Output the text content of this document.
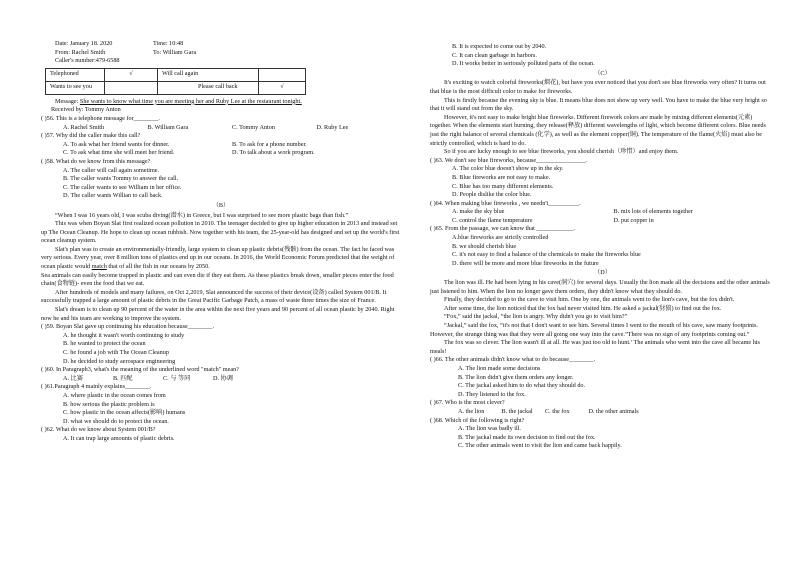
Date: January 18. 2020	Time: 10:48
From: Rachel Smith	To: William Gara
Caller's number:479-6588
Telephoned	√	Will call again	
Wants to see you		Please call back	√
Message: She wants to know what time you are meeting her and Ruby Lee at the restaurant tonight.
Received by: Tommy Anton
( )56. This is a telephone message for________.
A. Rachel Smith	B. William Gara	C. Tommy Anton	D. Ruby Lee
( )57. Why did the caller make this call?
A. To ask what her friend wants for dinner.	B. To ask for a phone number.
C. To ask what time she will meet her friend.	D. To talk about a work program.
( )58. What do we know from this message?
A. The caller will call again sometime.
B. The caller wants Tommy to answer the call.
C. The caller wants to see William in her office.
D. The caller wants Willian to call back.
（B）

“When I was 16 years old, I was scuba diving(潜水) in Greece, but I was surprised to see more plastic bags than fish.”

This was when Boyan Slat first realized ocean pollution in 2010. The teenager decided to give up higher education in 2013 and instead set up The Ocean Cleanup. He hope to clean up ocean rubbish. Now together with his team, the 25-year-old has designed and set up the world's first ocean cleanup system.

Slat's plan was to create an environmentally-friendly, large system to clean up plastic debris(残骸) from the ocean. The fact he faced was very serious. Every year, over 8 million tons of plastics end up in our oceans. In 2016, the World Economic Forum predicted that the weight of ocean plastic would match that of all the fish in our oceans by 2050.

Sea animals can easily become trapped in plastic and can even die if they eat them. As these plastics break down, smaller pieces enter the food chain(食物链)- even the food that we eat.

After hundreds of models and many failures, on Oct 2,2019, Slat announced the success of their device(设备) called System 001/B. It successfully trapped a large amount of plastic debris in the Great Pacific Garbage Patch, a mass of waste three times the size of France.

Slat's dream is to clean up 90 percent of the water in the area within the next five years and 90 percent of all ocean plastic by 2040. Right now he and his team are working to improve the system.

( )59. Boyan Slat gave up continuing his education because________.
A. he thought it wasn't worth continuing to study
B. he wanted to protect the ocean
C. he found a job with The Ocean Cleanup
D. he decided to study aerospace engineering
( )60. In Paragraph3, what's the meaning of the underlined word "match" mean?
A. 比赛	B. 匹配	C. 与 等同	D. 协调
( )61.Paragraph 4 mainly explains________.
A. where plastic in the ocean comes from
B. how serious the plastic problem is
C. how plastic in the ocean affects(影响) humans
D. what we should do to protect the ocean.
( )62. What do we know about System 001/B?
A. It can trap large amounts of plastic debris.
B. It is expected to come out by 2040.
C. It can clean garbage in harbors.
D. It works better in seriously polluted parts of the ocean.
（C）

It's exciting to watch colorful fireworks(烟花), but have you ever noticed that you don't see blue fireworks very often? It turns out that blue is the most difficult color to make for fireworks.

This is firstly because the evening sky is blue. It means blue does not show up very well. You have to make the blue very bright so that it will stand out from the sky.

However, it's not easy to make bright blue fireworks. Different firework colors are made by mixing different elements(元素) together. When the elements start burning, they release(释放) different wavelengths of light, which become different colors. Blue needs just the right balance of several chemicals (化学), as well as the element copper(铜). The temperature of the flame(火焰) must also be strictly controlled, which is hard to do.

So if you are lucky enough to see blue fireworks, you should cherish（珍惜）and enjoy them.

( )63. We don't see blue fireworks, because________________.
A. The color blue doesn't show up in the sky.
B. Blue fireworks are not easy to make.
C. Blue has too many different elements.
D. People dislike the color blue.
( )64. When making blue fireworks , we needn't__________.
A. make the sky blue	B. mix lots of elements together
C. control the flame temperature	D. put copper in
( )65. From the passage, we can know that ____________.
A.blue fireworks are strictly controlled
B. we should cherish blue
C. it's not easy to find a balance of the chemicals to make the fireworks blue
D. there will be more and more blue fireworks in the future
（D）

The lion was ill. He had been lying in his cave(洞穴) for several days. Usually the lion made all the decisions and the other animals just listened to him. When the lion no longer gave them orders, they didn't know what they should do.

Finally, they decided to go to the cave to visit him. One by one, the animals went to the lion's cave, but the fox didn't.

After some time, the lion noticed that the fox had never visited him. He asked a jackal(豺狼) to find out the fox.

“Fox,” said the jackal, “the lion is angry. Why didn't you go to visit him?”

“Jackal,” said the fox, “it's not that I don't want to see him. Several times I went to the mouth of his cave, saw many footprints. However, the strange thing was that they were all going one way into the cave.”There was no sign of any footprints coming out.”

The fox was so clever. The lion wasn't ill at all. He was just too old to hunt.’ The animals who went into the cave all became his meals!

( )66. The other animals didn't know what to do because________.
A. The lion made some decisions
B. The lion didn't give them orders any longer.
C. The jackal asked him to do what they should do.
D. They listened to the fox.
( )67. Who is the most clever?
A. the lion	B. the jackal	C. the fox	D. the other animals
( )68. Which of the following is right?
A. The lion was badly ill.
B. The jackal made its own decision to find out the fox.
C. The other animals went to visit the lion and came back happily.
